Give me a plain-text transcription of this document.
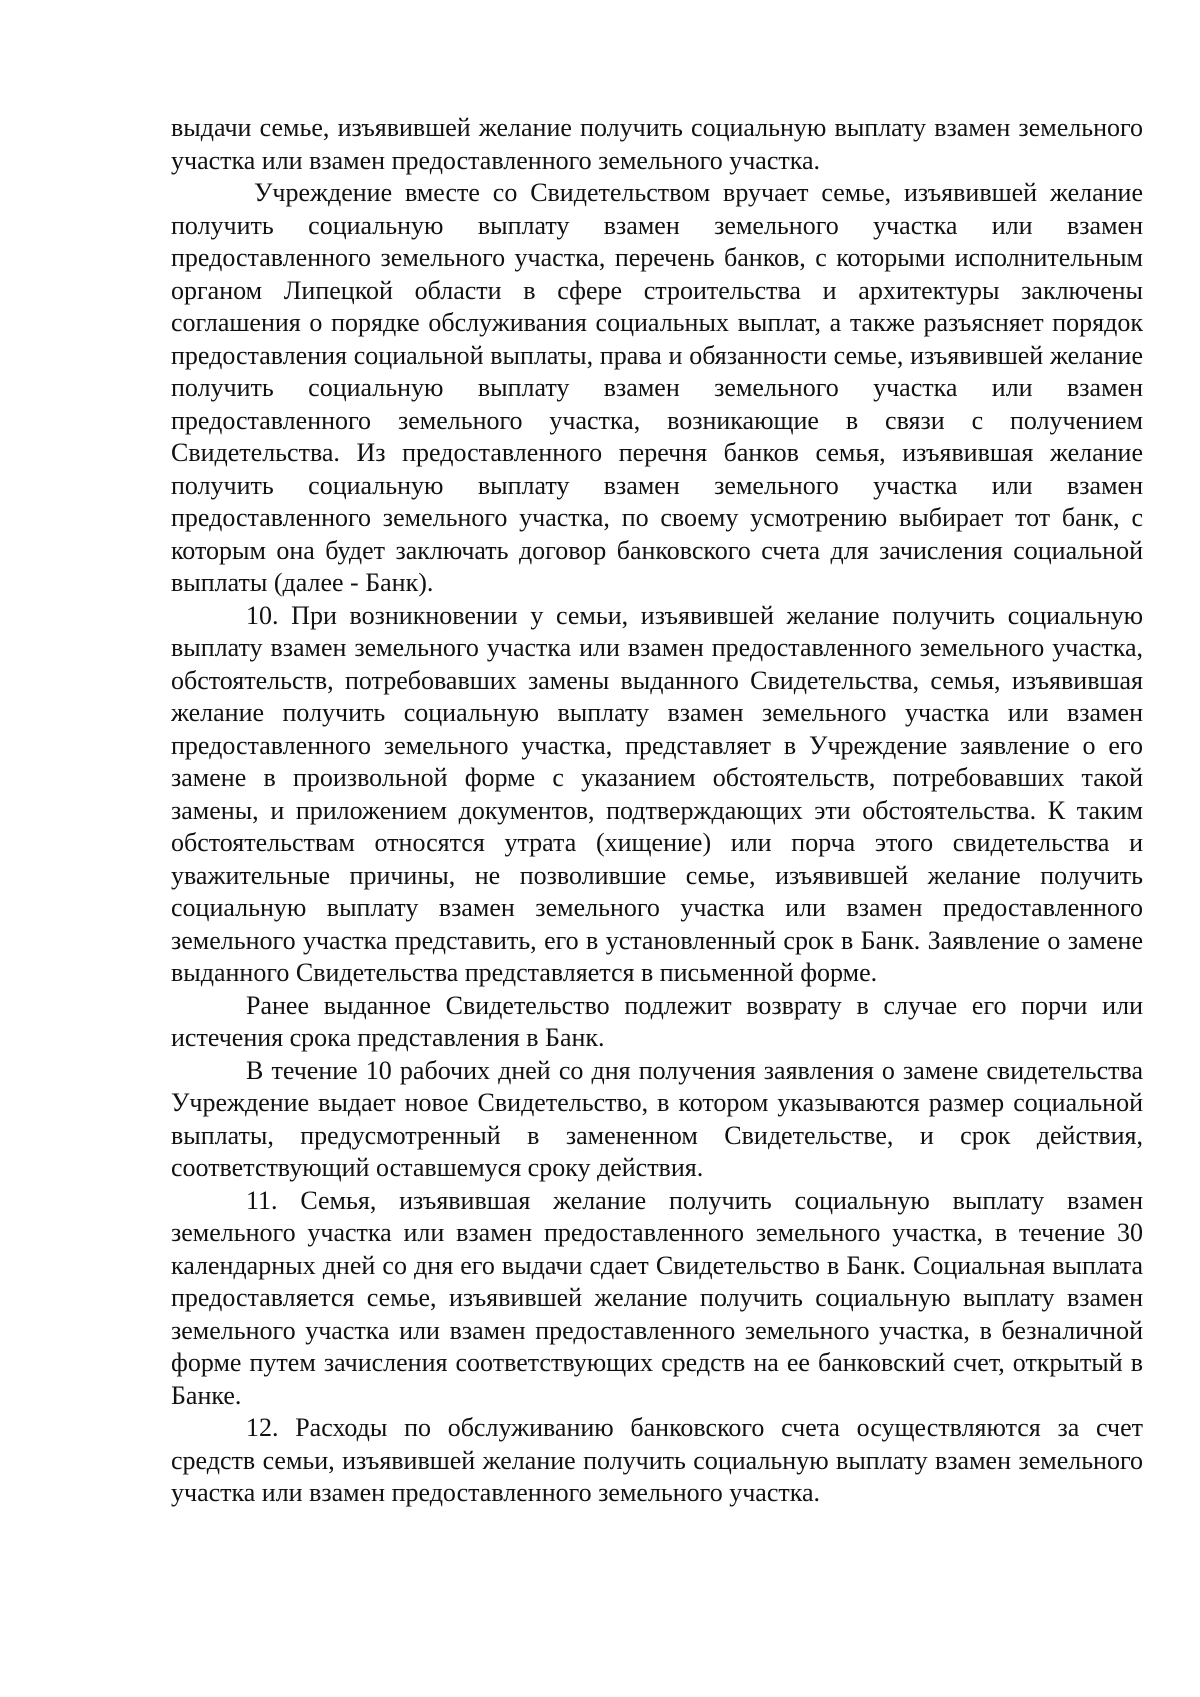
выдачи семье, изъявившей желание получить социальную выплату взамен земельного участка или взамен предоставленного земельного участка.

Учреждение вместе со Свидетельством вручает семье, изъявившей желание получить социальную выплату взамен земельного участка или взамен предоставленного земельного участка, перечень банков, с которыми исполнительным органом Липецкой области в сфере строительства и архитектуры заключены соглашения о порядке обслуживания социальных выплат, а также разъясняет порядок предоставления социальной выплаты, права и обязанности семье, изъявившей желание получить социальную выплату взамен земельного участка или взамен предоставленного земельного участка, возникающие в связи с получением Свидетельства. Из предоставленного перечня банков семья, изъявившая желание получить социальную выплату взамен земельного участка или взамен предоставленного земельного участка, по своему усмотрению выбирает тот банк, с которым она будет заключать договор банковского счета для зачисления социальной выплаты (далее - Банк).

10. При возникновении у семьи, изъявившей желание получить социальную выплату взамен земельного участка или взамен предоставленного земельного участка, обстоятельств, потребовавших замены выданного Свидетельства, семья, изъявившая желание получить социальную выплату взамен земельного участка или взамен предоставленного земельного участка, представляет в Учреждение заявление о его замене в произвольной форме с указанием обстоятельств, потребовавших такой замены, и приложением документов, подтверждающих эти обстоятельства. К таким обстоятельствам относятся утрата (хищение) или порча этого свидетельства и уважительные причины, не позволившие семье, изъявившей желание получить социальную выплату взамен земельного участка или взамен предоставленного земельного участка представить, его в установленный срок в Банк. Заявление о замене выданного Свидетельства представляется в письменной форме.

Ранее выданное Свидетельство подлежит возврату в случае его порчи или истечения срока представления в Банк.

В течение 10 рабочих дней со дня получения заявления о замене свидетельства Учреждение выдает новое Свидетельство, в котором указываются размер социальной выплаты, предусмотренный в замененном Свидетельстве, и срок действия, соответствующий оставшемуся сроку действия.

11. Семья, изъявившая желание получить социальную выплату взамен земельного участка или взамен предоставленного земельного участка, в течение 30 календарных дней со дня его выдачи сдает Свидетельство в Банк. Социальная выплата предоставляется семье, изъявившей желание получить социальную выплату взамен земельного участка или взамен предоставленного земельного участка, в безналичной форме путем зачисления соответствующих средств на ее банковский счет, открытый в Банке.

12. Расходы по обслуживанию банковского счета осуществляются за счет средств семьи, изъявившей желание получить социальную выплату взамен земельного участка или взамен предоставленного земельного участка.
